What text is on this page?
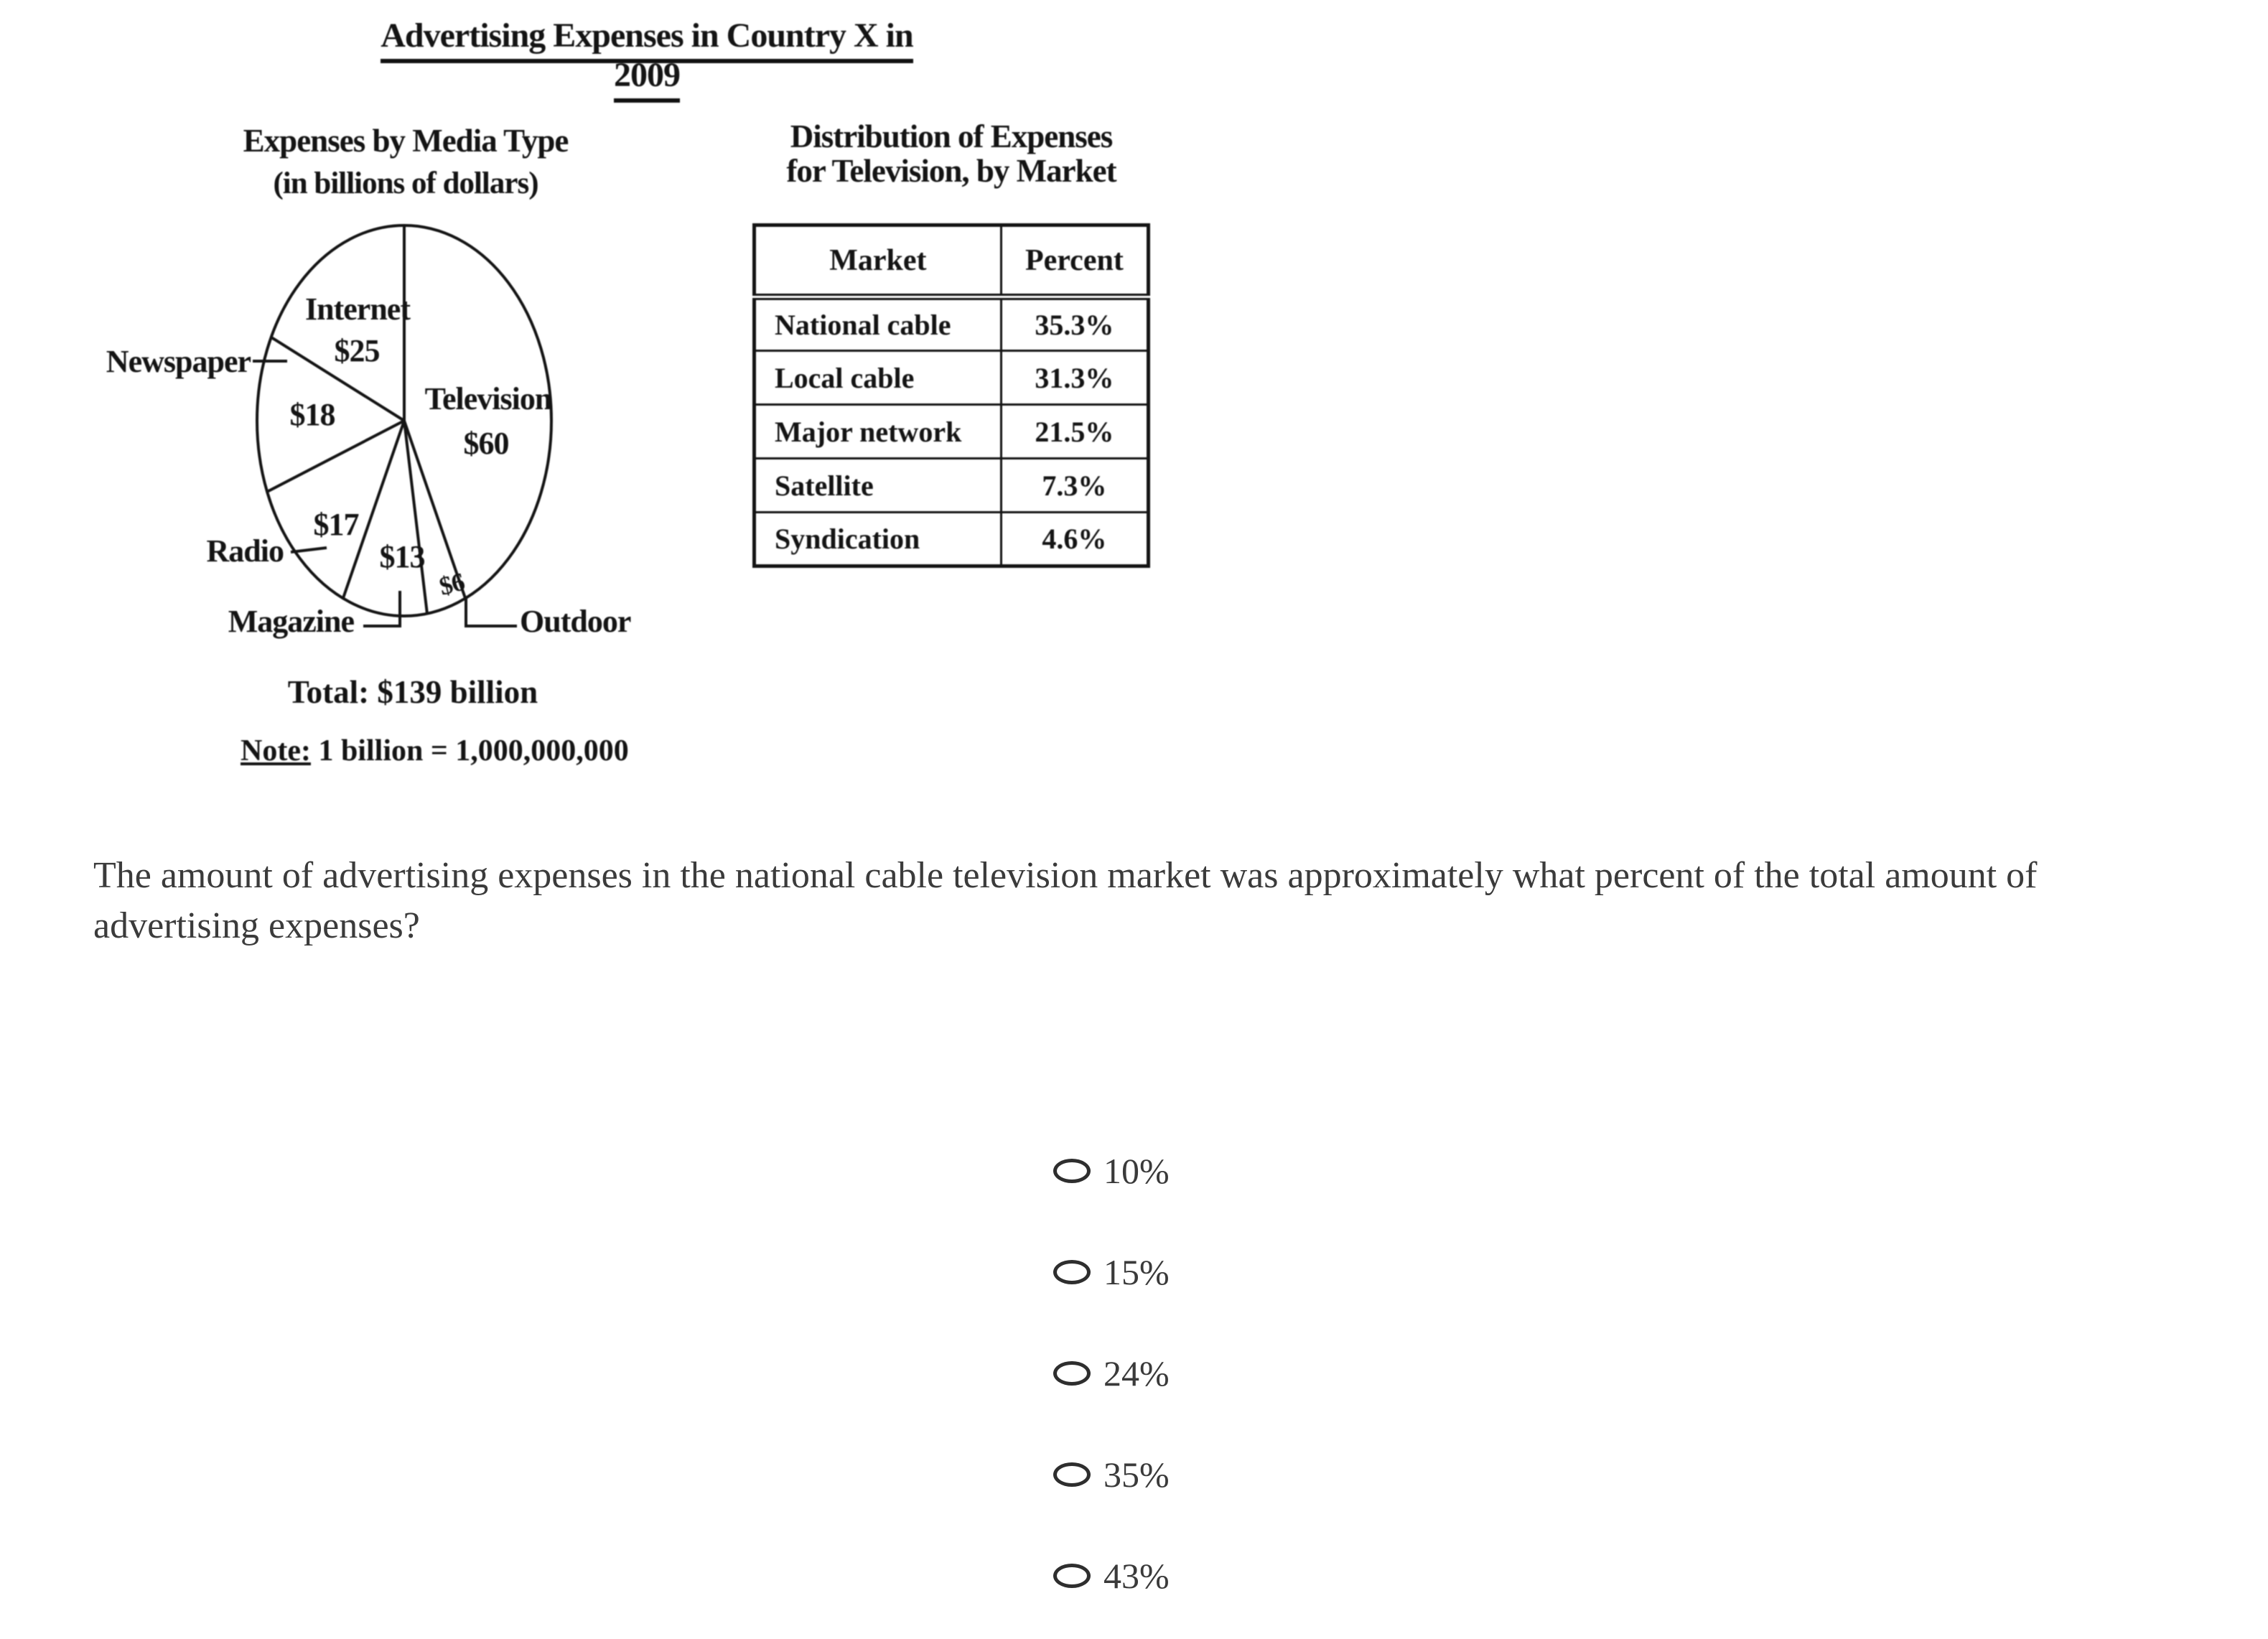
Advertising Expenses in Country X in 2009
Expenses by Media Type
(in billions of dollars)
Internet
$25
Television
$60
$18
$17
$13
$6
Newspaper
Radio
Magazine	Outdoor
Total: $139 billion
Note: 1 billion = 1,000,000,000
Distribution of Expenses
for Television, by Market
Market	Percent
National cable	35.3%
Local cable	31.3%
Major network	21.5%
Satellite	7.3%
Syndication	4.6%
The amount of advertising expenses in the national cable television market was approximately what percent of the total amount of advertising expenses?
10%
15%
24%
35%
43%
